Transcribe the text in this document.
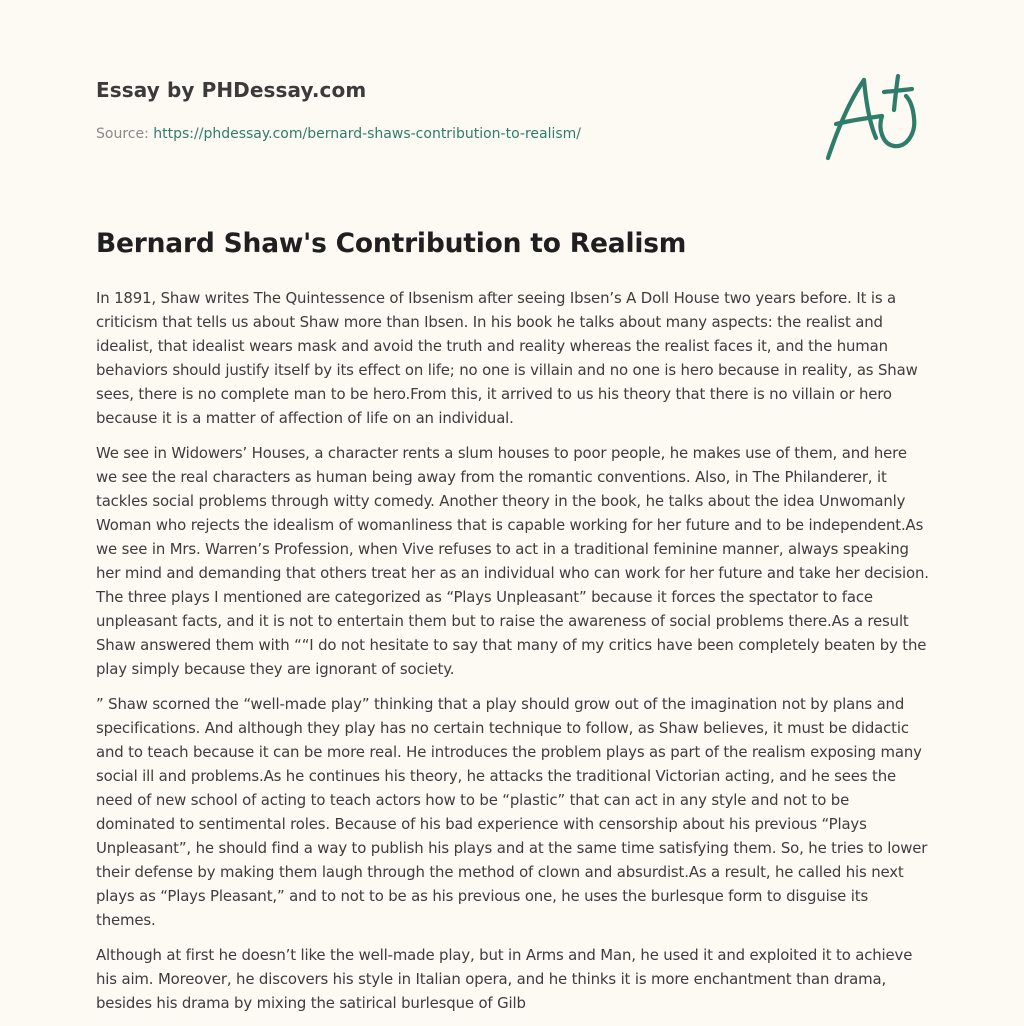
Essay by PHDessay.com

Source: https://phdessay.com/bernard-shaws-contribution-to-realism/
Bernard Shaw's Contribution to Realism

In 1891, Shaw writes The Quintessence of Ibsenism after seeing Ibsen’s A Doll House two years before. It is a criticism that tells us about Shaw more than Ibsen. In his book he talks about many aspects: the realist and idealist, that idealist wears mask and avoid the truth and reality whereas the realist faces it, and the human behaviors should justify itself by its effect on life; no one is villain and no one is hero because in reality, as Shaw sees, there is no complete man to be hero.From this, it arrived to us his theory that there is no villain or hero because it is a matter of affection of life on an individual.

We see in Widowers’ Houses, a character rents a slum houses to poor people, he makes use of them, and here we see the real characters as human being away from the romantic conventions. Also, in The Philanderer, it tackles social problems through witty comedy. Another theory in the book, he talks about the idea Unwomanly Woman who rejects the idealism of womanliness that is capable working for her future and to be independent.As we see in Mrs. Warren’s Profession, when Vive refuses to act in a traditional feminine manner, always speaking her mind and demanding that others treat her as an individual who can work for her future and take her decision. The three plays I mentioned are categorized as “Plays Unpleasant” because it forces the spectator to face unpleasant facts, and it is not to entertain them but to raise the awareness of social problems there.As a result Shaw answered them with ““I do not hesitate to say that many of my critics have been completely beaten by the play simply because they are ignorant of society.

” Shaw scorned the “well-made play” thinking that a play should grow out of the imagination not by plans and specifications. And although they play has no certain technique to follow, as Shaw believes, it must be didactic and to teach because it can be more real. He introduces the problem plays as part of the realism exposing many social ill and problems.As he continues his theory, he attacks the traditional Victorian acting, and he sees the need of new school of acting to teach actors how to be “plastic” that can act in any style and not to be dominated to sentimental roles. Because of his bad experience with censorship about his previous “Plays Unpleasant”, he should find a way to publish his plays and at the same time satisfying them. So, he tries to lower their defense by making them laugh through the method of clown and absurdist.As a result, he called his next plays as “Plays Pleasant,” and to not to be as his previous one, he uses the burlesque form to disguise its themes.

Although at first he doesn’t like the well-made play, but in Arms and Man, he used it and exploited it to achieve his aim. Moreover, he discovers his style in Italian opera, and he thinks it is more enchantment than drama, besides his drama by mixing the satirical burlesque of Gilb
